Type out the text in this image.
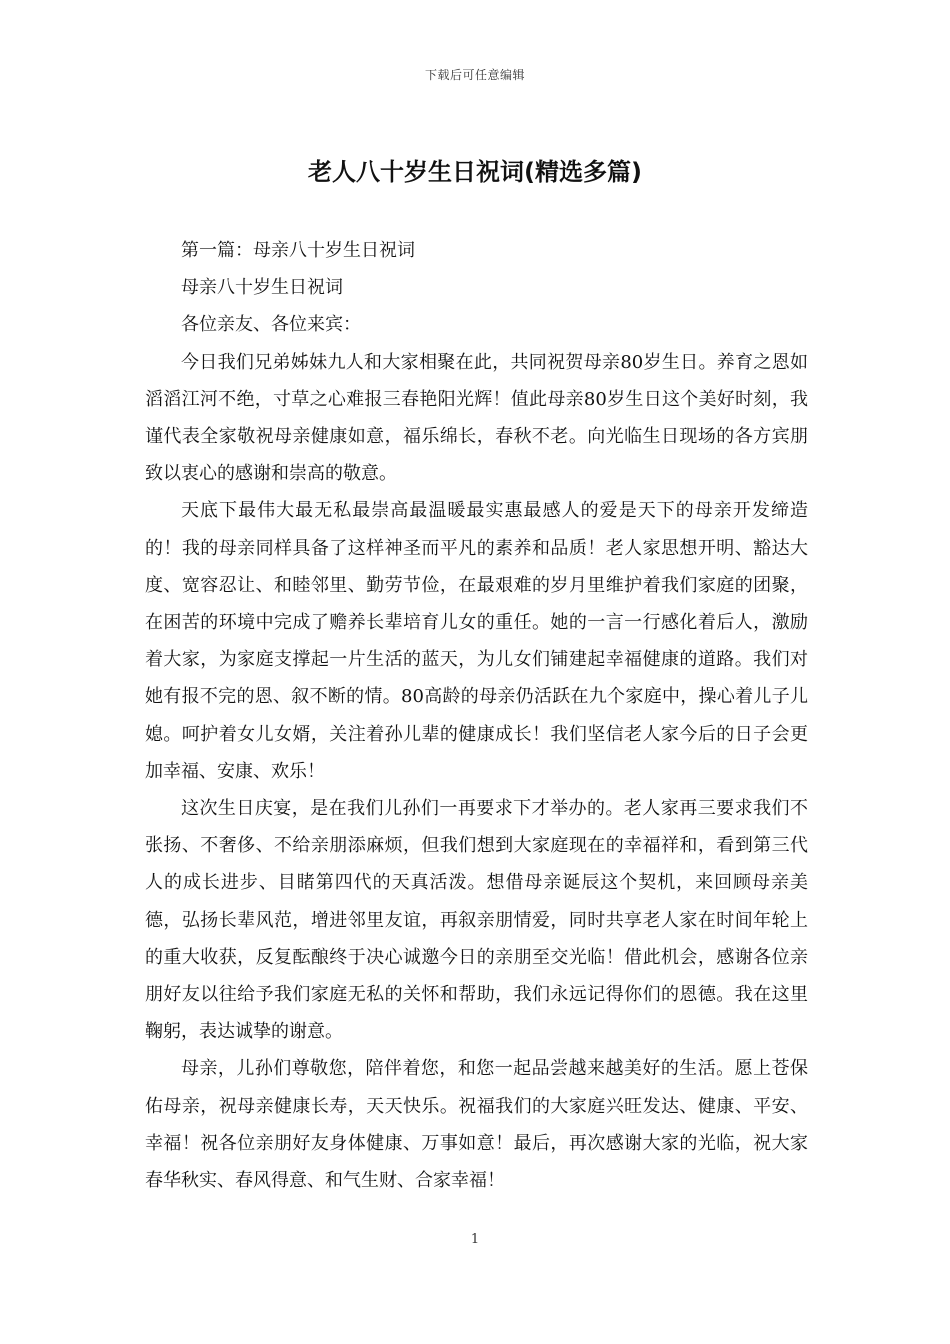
下载后可任意编辑
老人八十岁生日祝词(精选多篇)

第一篇：母亲八十岁生日祝词

母亲八十岁生日祝词

各位亲友、各位来宾：

今日我们兄弟姊妹九人和大家相聚在此，共同祝贺母亲80岁生日。养育之恩如滔滔江河不绝，寸草之心难报三春艳阳光辉！值此母亲80岁生日这个美好时刻，我谨代表全家敬祝母亲健康如意，福乐绵长，春秋不老。向光临生日现场的各方宾朋致以衷心的感谢和崇高的敬意。

天底下最伟大最无私最崇高最温暖最实惠最感人的爱是天下的母亲开发缔造的！我的母亲同样具备了这样神圣而平凡的素养和品质！老人家思想开明、豁达大度、宽容忍让、和睦邻里、勤劳节俭，在最艰难的岁月里维护着我们家庭的团聚，在困苦的环境中完成了赡养长辈培育儿女的重任。她的一言一行感化着后人，激励着大家，为家庭支撑起一片生活的蓝天，为儿女们铺建起幸福健康的道路。我们对她有报不完的恩、叙不断的情。80高龄的母亲仍活跃在九个家庭中，操心着儿子儿媳。呵护着女儿女婿，关注着孙儿辈的健康成长！我们坚信老人家今后的日子会更加幸福、安康、欢乐！

这次生日庆宴，是在我们儿孙们一再要求下才举办的。老人家再三要求我们不张扬、不奢侈、不给亲朋添麻烦，但我们想到大家庭现在的幸福祥和，看到第三代人的成长进步、目睹第四代的天真活泼。想借母亲诞辰这个契机，来回顾母亲美德，弘扬长辈风范，增进邻里友谊，再叙亲朋情爱，同时共享老人家在时间年轮上的重大收获，反复酝酿终于决心诚邀今日的亲朋至交光临！借此机会，感谢各位亲朋好友以往给予我们家庭无私的关怀和帮助，我们永远记得你们的恩德。我在这里鞠躬，表达诚挚的谢意。

母亲，儿孙们尊敬您，陪伴着您，和您一起品尝越来越美好的生活。愿上苍保佑母亲，祝母亲健康长寿，天天快乐。祝福我们的大家庭兴旺发达、健康、平安、幸福！祝各位亲朋好友身体健康、万事如意！最后，再次感谢大家的光临，祝大家春华秋实、春风得意、和气生财、合家幸福！

1
